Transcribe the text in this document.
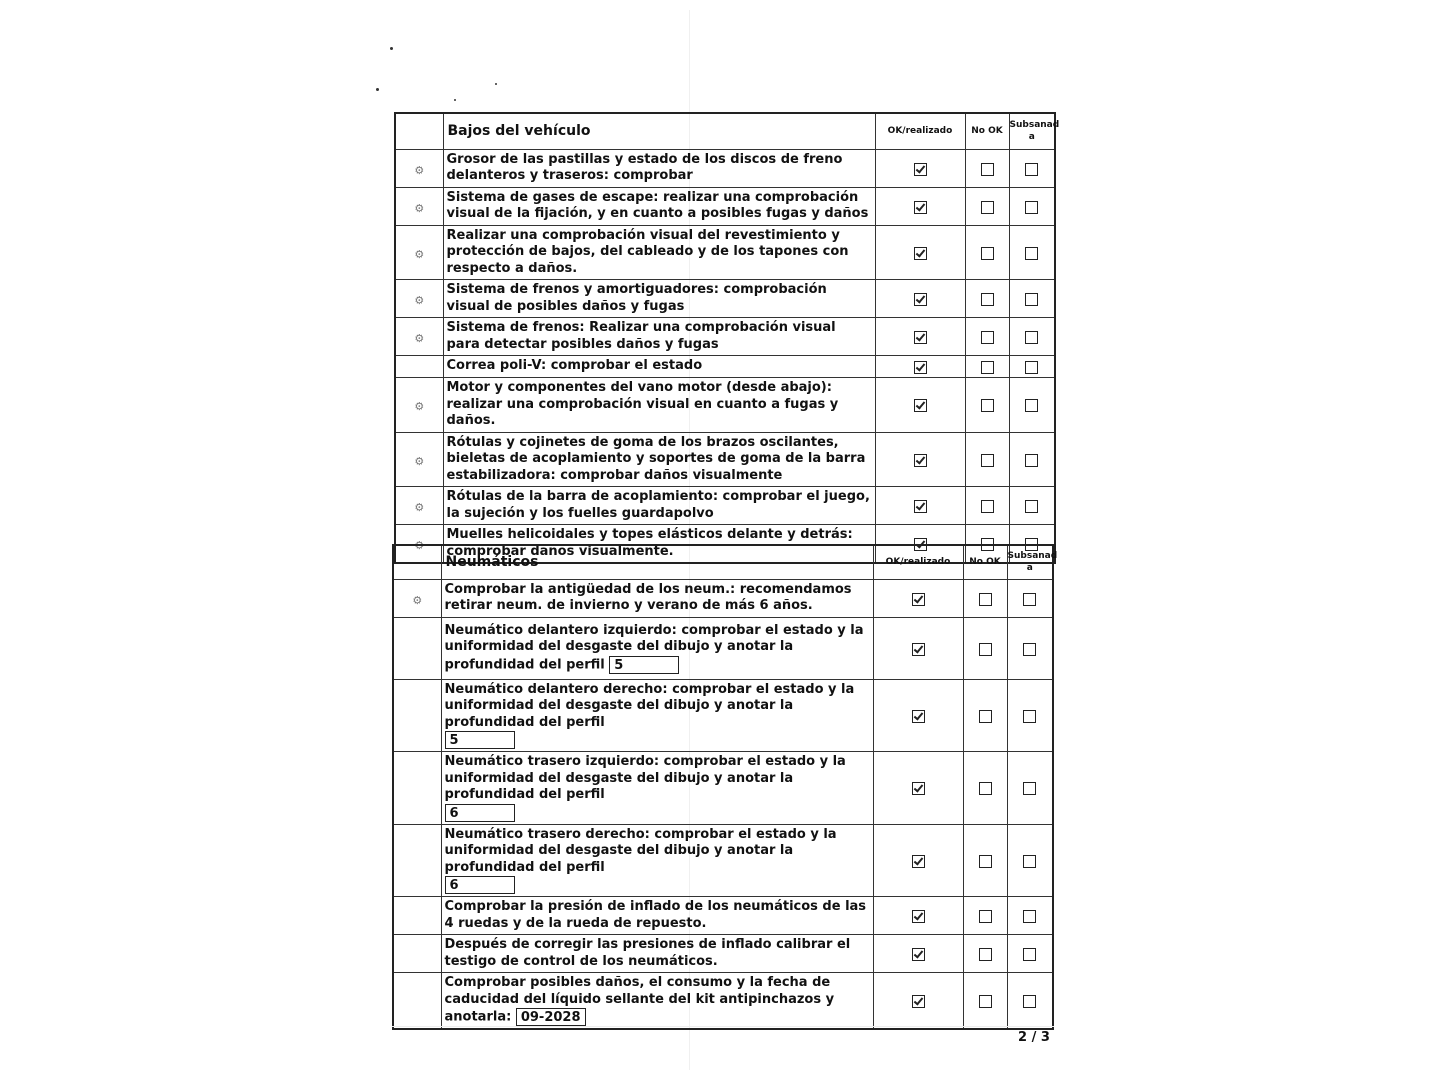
	Bajos del vehículo	OK/realizado	No OK	Subsanad a
⚙	Grosor de las pastillas y estado de los discos de freno delanteros y traseros: comprobar			
⚙	Sistema de gases de escape: realizar una comprobación visual de la fijación, y en cuanto a posibles fugas y daños			
⚙	Realizar una comprobación visual del revestimiento y protección de bajos, del cableado y de los tapones con respecto a daños.			
⚙	Sistema de frenos y amortiguadores: comprobación visual de posibles daños y fugas			
⚙	Sistema de frenos: Realizar una comprobación visual para detectar posibles daños y fugas			
	Correa poli-V: comprobar el estado			
⚙	Motor y componentes del vano motor (desde abajo): realizar una comprobación visual en cuanto a fugas y daños.			
⚙	Rótulas y cojinetes de goma de los brazos oscilantes, bieletas de acoplamiento y soportes de goma de la barra estabilizadora: comprobar daños visualmente			
⚙	Rótulas de la barra de acoplamiento: comprobar el juego, la sujeción y los fuelles guardapolvo			
⚙	Muelles helicoidales y topes elásticos delante y detrás: comprobar daños visualmente.			
	Neumáticos	OK/realizado	No OK	Subsanad a
⚙	Comprobar la antigüedad de los neum.: recomendamos retirar neum. de invierno y verano de más 6 años.			
	Neumático delantero izquierdo: comprobar el estado y la uniformidad del desgaste del dibujo y anotar la profundidad del perfil 5			
	Neumático delantero derecho: comprobar el estado y la uniformidad del desgaste del dibujo y anotar la profundidad del perfil
5			
	Neumático trasero izquierdo: comprobar el estado y la uniformidad del desgaste del dibujo y anotar la profundidad del perfil
6			
	Neumático trasero derecho: comprobar el estado y la uniformidad del desgaste del dibujo y anotar la profundidad del perfil
6			
	Comprobar la presión de inflado de los neumáticos de las 4 ruedas y de la rueda de repuesto.			
	Después de corregir las presiones de inflado calibrar el testigo de control de los neumáticos.			
	Comprobar posibles daños, el consumo y la fecha de caducidad del líquido sellante del kit antipinchazos y anotarla: 09-2028			
2 / 3
